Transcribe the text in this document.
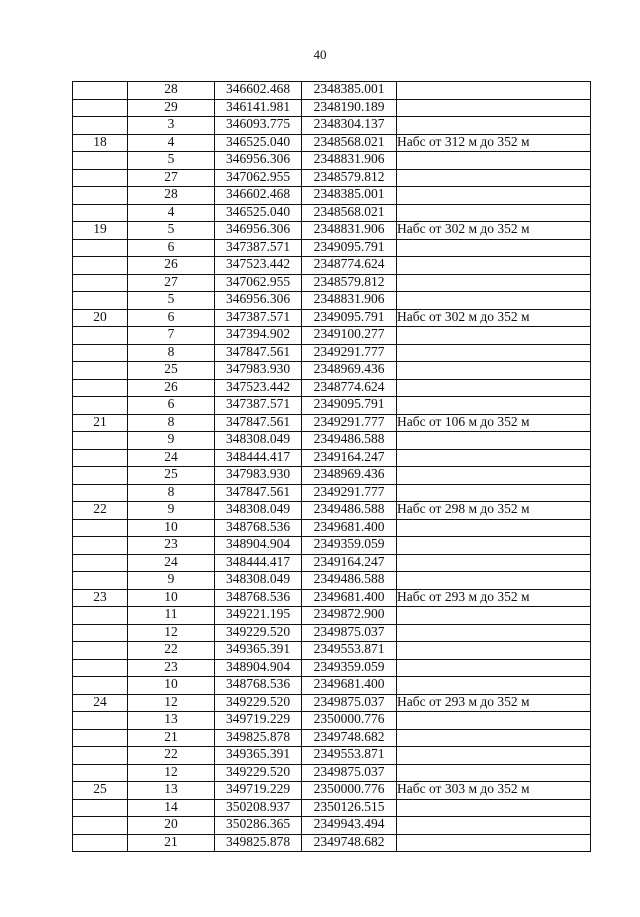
40
	28	346602.468	2348385.001	
	29	346141.981	2348190.189	
	3	346093.775	2348304.137	
18	4	346525.040	2348568.021	Набс от 312 м до 352 м
	5	346956.306	2348831.906	
	27	347062.955	2348579.812	
	28	346602.468	2348385.001	
	4	346525.040	2348568.021	
19	5	346956.306	2348831.906	Набс от 302 м до 352 м
	6	347387.571	2349095.791	
	26	347523.442	2348774.624	
	27	347062.955	2348579.812	
	5	346956.306	2348831.906	
20	6	347387.571	2349095.791	Набс от 302 м до 352 м
	7	347394.902	2349100.277	
	8	347847.561	2349291.777	
	25	347983.930	2348969.436	
	26	347523.442	2348774.624	
	6	347387.571	2349095.791	
21	8	347847.561	2349291.777	Набс от 106 м до 352 м
	9	348308.049	2349486.588	
	24	348444.417	2349164.247	
	25	347983.930	2348969.436	
	8	347847.561	2349291.777	
22	9	348308.049	2349486.588	Набс от 298 м до 352 м
	10	348768.536	2349681.400	
	23	348904.904	2349359.059	
	24	348444.417	2349164.247	
	9	348308.049	2349486.588	
23	10	348768.536	2349681.400	Набс от 293 м до 352 м
	11	349221.195	2349872.900	
	12	349229.520	2349875.037	
	22	349365.391	2349553.871	
	23	348904.904	2349359.059	
	10	348768.536	2349681.400	
24	12	349229.520	2349875.037	Набс от 293 м до 352 м
	13	349719.229	2350000.776	
	21	349825.878	2349748.682	
	22	349365.391	2349553.871	
	12	349229.520	2349875.037	
25	13	349719.229	2350000.776	Набс от 303 м до 352 м
	14	350208.937	2350126.515	
	20	350286.365	2349943.494	
	21	349825.878	2349748.682	
